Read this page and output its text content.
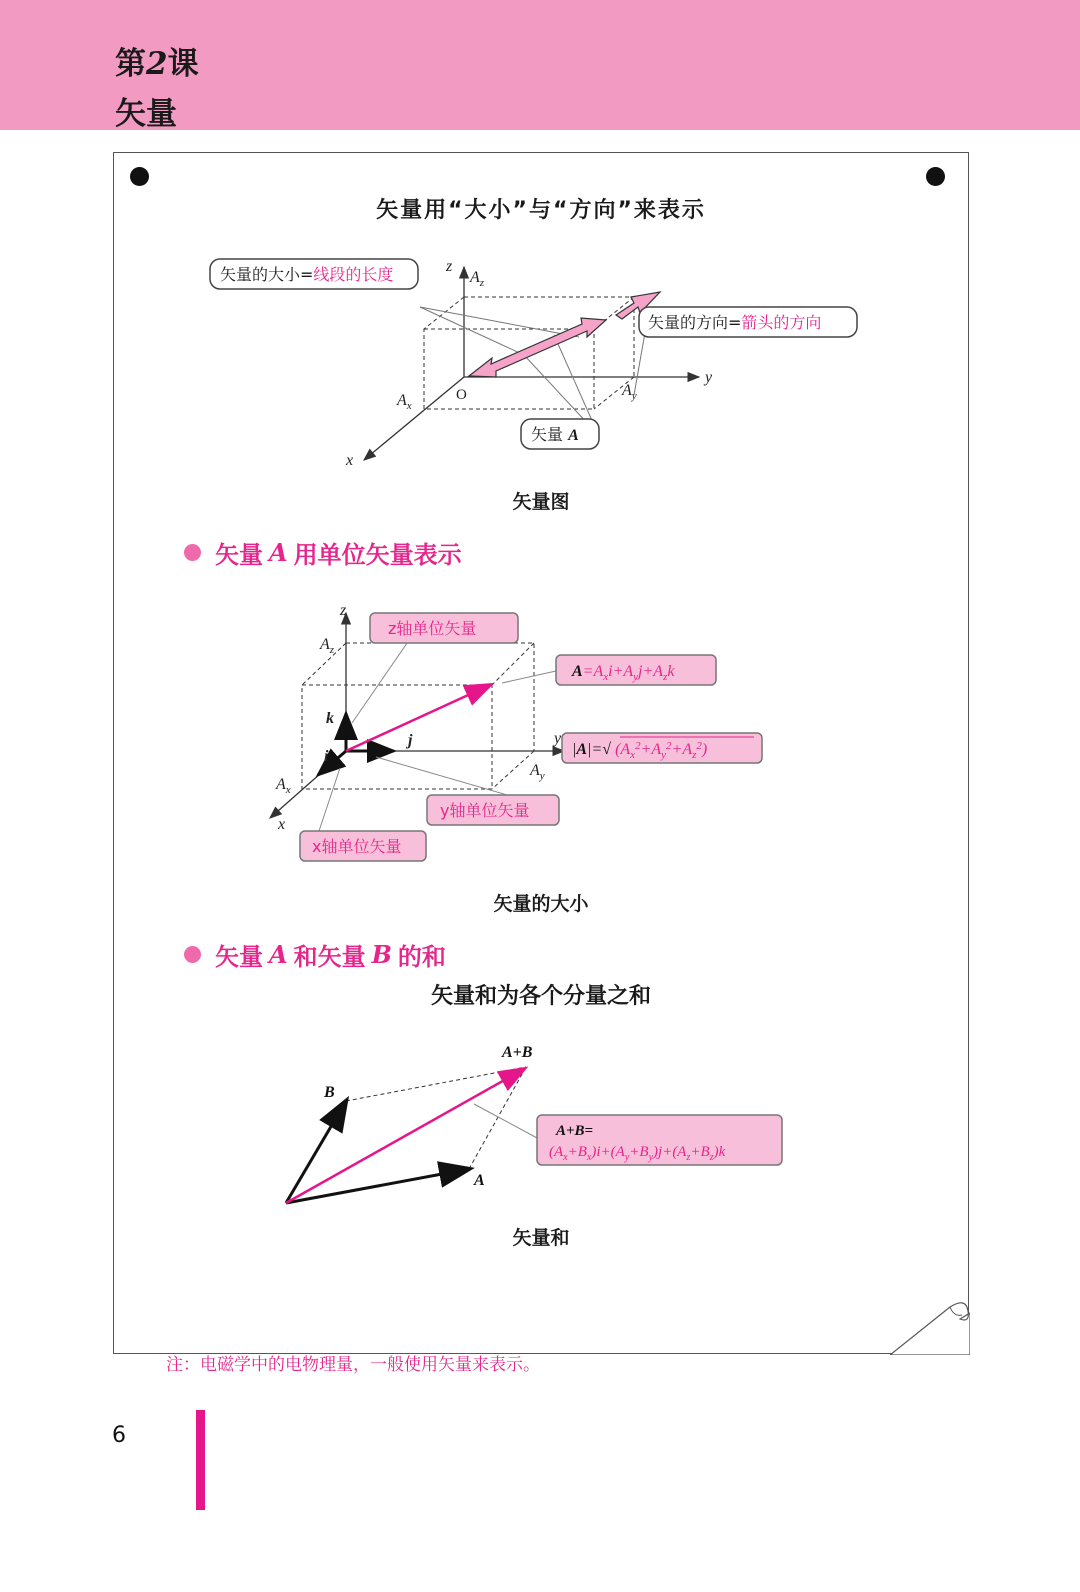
第2课
矢量
矢量用“大小”与“方向”来表示
z
y
x
$A_z$
$A_x$
$A_y$
O
矢量的大小=线段的长度
矢量的方向=箭头的方向
矢量 A
矢量图
矢量 A 用单位矢量表示
z
y
x
$A_z$
$A_x$
$A_y$
k
i
j
z轴单位矢量
$A=A_xi+A_yj+A_zk$
|A|=√ $(A_x^2+A_y^2+A_z^2)$
y轴单位矢量
x轴单位矢量
矢量的大小
矢量 A 和矢量 B 的和
矢量和为各个分量之和
A+B
B
A
A+B=
$(A_x+B_x)i+(A_y+B_y)j+(A_z+B_z)k$
矢量和
注：电磁学中的电物理量，一般使用矢量来表示。
6
